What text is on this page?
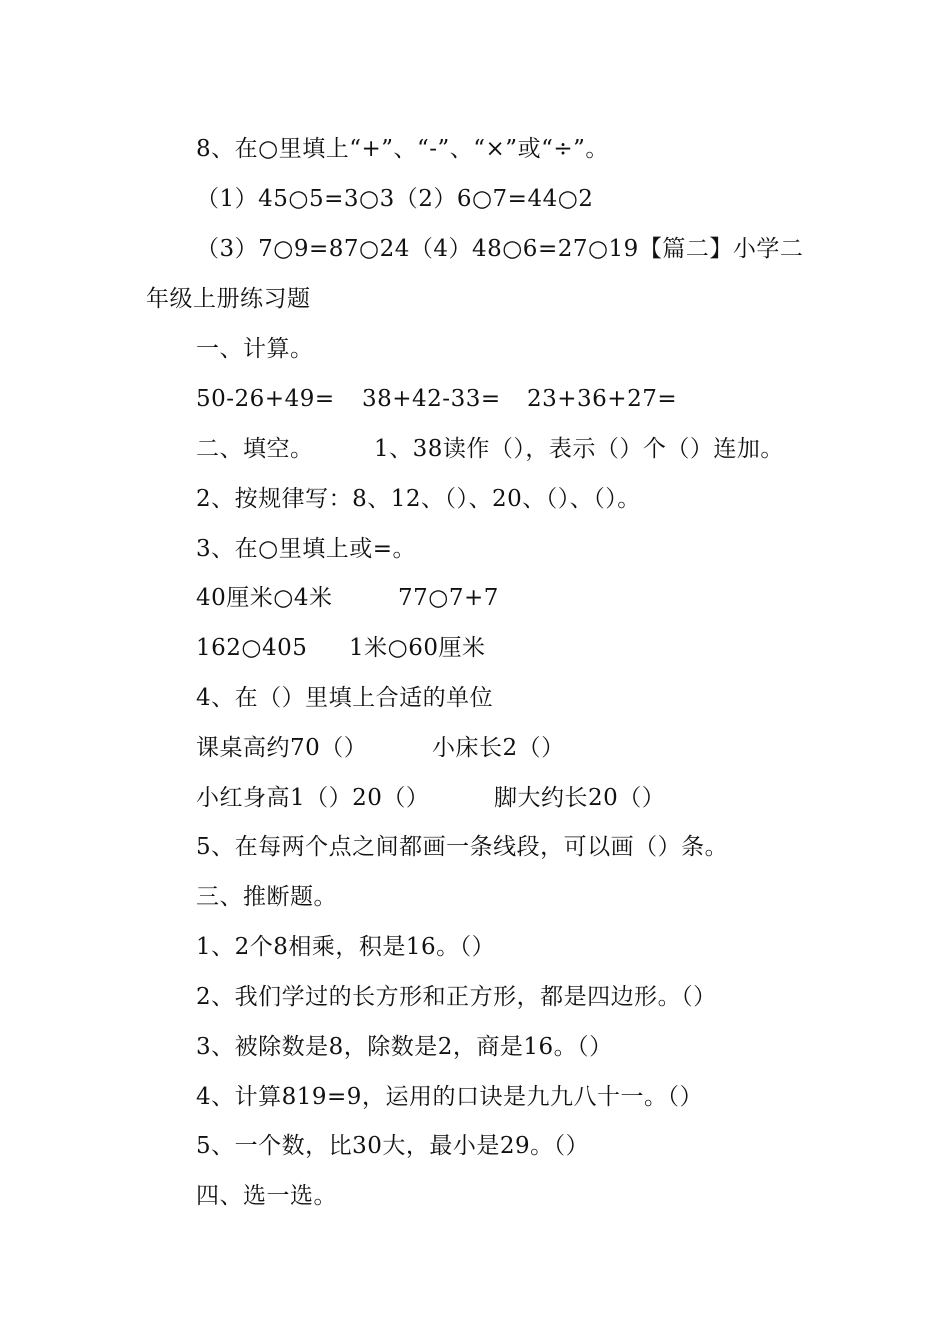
8、在○里填上“+”、“-”、“×”或“÷”。
（1）45○5=3○3（2）6○7=44○2
（3）7○9=87○24（4）48○6=27○19【篇二】小学二
年级上册练习题
一、计算。
50-26+49= 38+42-33= 23+36+27=
二、填空。	1、38读作（），表示（）个（）连加。
2、按规律写：8、12、（）、20、（）、（）。
3、在○里填上或=。
40厘米○4米	77○7+7
162○405 1米○60厘米
4、在（）里填上合适的单位
课桌高约70（）	小床长2（）
小红身高1（）20（）	脚大约长20（）
5、在每两个点之间都画一条线段，可以画（）条。
三、推断题。
1、2个8相乘，积是16。（）
2、我们学过的长方形和正方形，都是四边形。（）
3、被除数是8，除数是2，商是16。（）
4、计算819=9，运用的口诀是九九八十一。（）
5、一个数，比30大，最小是29。（）
四、选一选。
